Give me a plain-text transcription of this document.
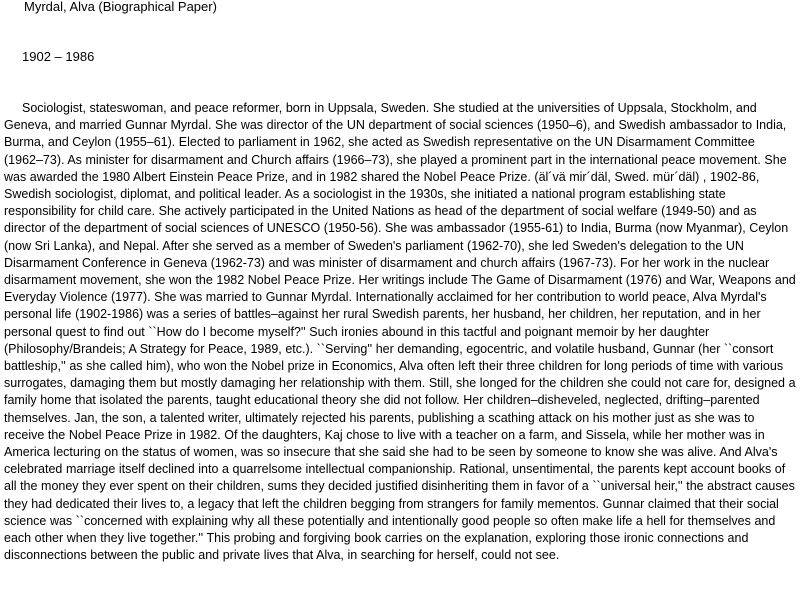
Myrdal, Alva (Biographical Paper)
1902 – 1986

Sociologist, stateswoman, and peace reformer, born in Uppsala, Sweden. She studied at the universities of Uppsala, Stockholm, and Geneva, and married Gunnar Myrdal. She was director of the UN department of social sciences (1950–6), and Swedish ambassador to India, Burma, and Ceylon (1955–61). Elected to parliament in 1962, she acted as Swedish representative on the UN Disarmament Committee (1962–73). As minister for disarmament and Church affairs (1966–73), she played a prominent part in the international peace movement. She was awarded the 1980 Albert Einstein Peace Prize, and in 1982 shared the Nobel Peace Prize. (äl´vä mir´däl, Swed. mür´däl) , 1902-86, Swedish sociologist, diplomat, and political leader. As a sociologist in the 1930s, she initiated a national program establishing state responsibility for child care. She actively participated in the United Nations as head of the department of social welfare (1949-50) and as director of the department of social sciences of UNESCO (1950-56). She was ambassador (1955-61) to India, Burma (now Myanmar), Ceylon (now Sri Lanka), and Nepal. After she served as a member of Sweden's parliament (1962-70), she led Sweden's delegation to the UN Disarmament Conference in Geneva (1962-73) and was minister of disarmament and church affairs (1967-73). For her work in the nuclear disarmament movement, she won the 1982 Nobel Peace Prize. Her writings include The Game of Disarmament (1976) and War, Weapons and Everyday Violence (1977). She was married to Gunnar Myrdal. Internationally acclaimed for her contribution to world peace, Alva Myrdal's personal life (1902-1986) was a series of battles–against her rural Swedish parents, her husband, her children, her reputation, and in her personal quest to find out ``How do I become myself?'' Such ironies abound in this tactful and poignant memoir by her daughter (Philosophy/Brandeis; A Strategy for Peace, 1989, etc.). ``Serving'' her demanding, egocentric, and volatile husband, Gunnar (her ``consort battleship,'' as she called him), who won the Nobel prize in Economics, Alva often left their three children for long periods of time with various surrogates, damaging them but mostly damaging her relationship with them. Still, she longed for the children she could not care for, designed a family home that isolated the parents, taught educational theory she did not follow. Her children–disheveled, neglected, drifting–parented themselves. Jan, the son, a talented writer, ultimately rejected his parents, publishing a scathing attack on his mother just as she was to receive the Nobel Peace Prize in 1982. Of the daughters, Kaj chose to live with a teacher on a farm, and Sissela, while her mother was in America lecturing on the status of women, was so insecure that she said she had to be seen by someone to know she was alive. And Alva's celebrated marriage itself declined into a quarrelsome intellectual companionship. Rational, unsentimental, the parents kept account books of all the money they ever spent on their children, sums they decided justified disinheriting them in favor of a ``universal heir,'' the abstract causes they had dedicated their lives to, a legacy that left the children begging from strangers for family mementos. Gunnar claimed that their social science was ``concerned with explaining why all these potentially and intentionally good people so often make life a hell for themselves and each other when they live together.'' This probing and forgiving book carries on the explanation, exploring those ironic connections and disconnections between the public and private lives that Alva, in searching for herself, could not see.
